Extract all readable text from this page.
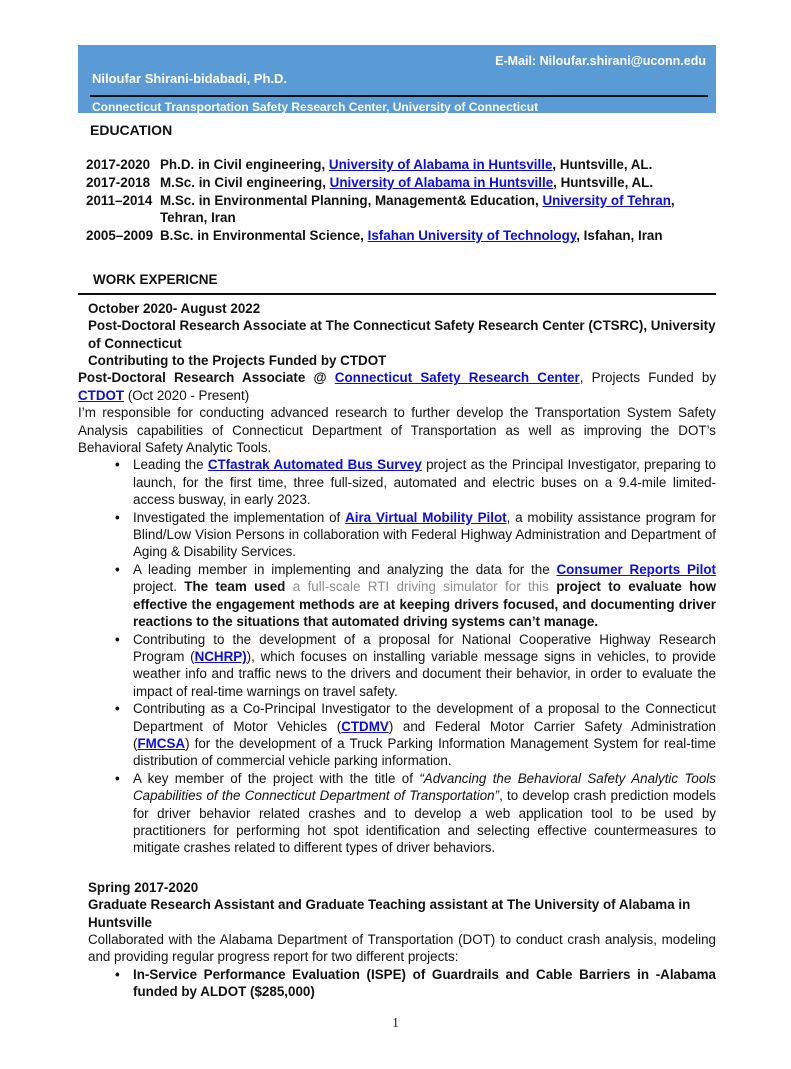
E-Mail: Niloufar.shirani@uconn.edu
Niloufar Shirani-bidabadi, Ph.D.
Connecticut Transportation Safety Research Center, University of Connecticut
EDUCATION
2017-2020 Ph.D. in Civil engineering, University of Alabama in Huntsville, Huntsville, AL.
2017-2018 M.Sc. in Civil engineering, University of Alabama in Huntsville, Huntsville, AL.
2011–2014 M.Sc. in Environmental Planning, Management& Education, University of Tehran, Tehran, Iran
2005–2009 B.Sc. in Environmental Science, Isfahan University of Technology, Isfahan, Iran
WORK EXPERICNE
October 2020- August 2022
Post-Doctoral Research Associate at The Connecticut Safety Research Center (CTSRC), University of Connecticut
Contributing to the Projects Funded by CTDOT
Post-Doctoral Research Associate @ Connecticut Safety Research Center, Projects Funded by CTDOT (Oct 2020 - Present)
I’m responsible for conducting advanced research to further develop the Transportation System Safety Analysis capabilities of Connecticut Department of Transportation as well as improving the DOT’s Behavioral Safety Analytic Tools.
• Leading the CTfastrak Automated Bus Survey project as the Principal Investigator, preparing to launch, for the first time, three full-sized, automated and electric buses on a 9.4-mile limited-access busway, in early 2023.
• Investigated the implementation of Aira Virtual Mobility Pilot, a mobility assistance program for Blind/Low Vision Persons in collaboration with Federal Highway Administration and Department of Aging & Disability Services.
• A leading member in implementing and analyzing the data for the Consumer Reports Pilot project. The team used a full-scale RTI driving simulator for this project to evaluate how effective the engagement methods are at keeping drivers focused, and documenting driver reactions to the situations that automated driving systems can’t manage.
• Contributing to the development of a proposal for National Cooperative Highway Research Program (NCHRP)), which focuses on installing variable message signs in vehicles, to provide weather info and traffic news to the drivers and document their behavior, in order to evaluate the impact of real-time warnings on travel safety.
• Contributing as a Co-Principal Investigator to the development of a proposal to the Connecticut Department of Motor Vehicles (CTDMV) and Federal Motor Carrier Safety Administration (FMCSA) for the development of a Truck Parking Information Management System for real-time distribution of commercial vehicle parking information.
• A key member of the project with the title of “Advancing the Behavioral Safety Analytic Tools Capabilities of the Connecticut Department of Transportation”, to develop crash prediction models for driver behavior related crashes and to develop a web application tool to be used by practitioners for performing hot spot identification and selecting effective countermeasures to mitigate crashes related to different types of driver behaviors.
Spring 2017-2020
Graduate Research Assistant and Graduate Teaching assistant at The University of Alabama in Huntsville
Collaborated with the Alabama Department of Transportation (DOT) to conduct crash analysis, modeling and providing regular progress report for two different projects:
• In-Service Performance Evaluation (ISPE) of Guardrails and Cable Barriers in -Alabama funded by ALDOT ($285,000)
1
